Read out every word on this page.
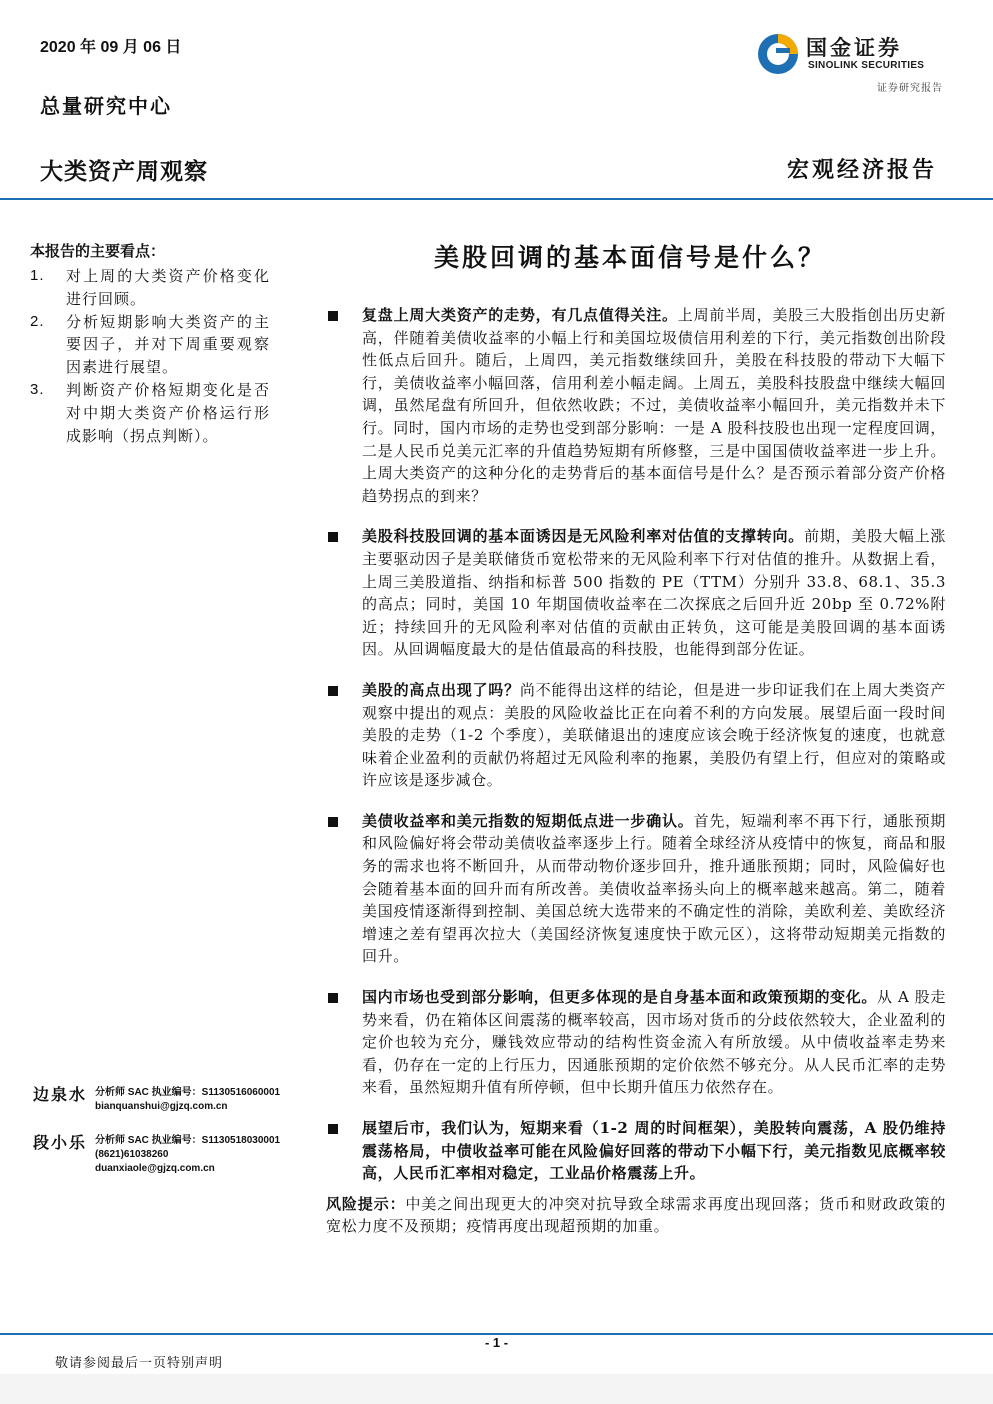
2020 年 09 月 06 日
总量研究中心
大类资产周观察	宏观经济报告
国金证券
SINOLINK SECURITIES
证券研究报告
本报告的主要看点：
1. 对上周的大类资产价格变化进行回顾。
2. 分析短期影响大类资产的主要因子，并对下周重要观察因素进行展望。
3. 判断资产价格短期变化是否对中期大类资产价格运行形成影响（拐点判断）。
美股回调的基本面信号是什么？
复盘上周大类资产的走势，有几点值得关注。上周前半周，美股三大股指创出历史新高，伴随着美债收益率的小幅上行和美国垃圾债信用利差的下行，美元指数创出阶段性低点后回升。随后，上周四，美元指数继续回升，美股在科技股的带动下大幅下行，美债收益率小幅回落，信用利差小幅走阔。上周五，美股科技股盘中继续大幅回调，虽然尾盘有所回升，但依然收跌；不过，美债收益率小幅回升，美元指数并未下行。同时，国内市场的走势也受到部分影响：一是 A 股科技股也出现一定程度回调，二是人民币兑美元汇率的升值趋势短期有所修整，三是中国国债收益率进一步上升。上周大类资产的这种分化的走势背后的基本面信号是什么？是否预示着部分资产价格趋势拐点的到来？
美股科技股回调的基本面诱因是无风险利率对估值的支撑转向。前期，美股大幅上涨主要驱动因子是美联储货币宽松带来的无风险利率下行对估值的推升。从数据上看，上周三美股道指、纳指和标普 500 指数的 PE（TTM）分别升 33.8、68.1、35.3 的高点；同时，美国 10 年期国债收益率在二次探底之后回升近 20bp 至 0.72%附近；持续回升的无风险利率对估值的贡献由正转负，这可能是美股回调的基本面诱因。从回调幅度最大的是估值最高的科技股，也能得到部分佐证。
美股的高点出现了吗？尚不能得出这样的结论，但是进一步印证我们在上周大类资产观察中提出的观点：美股的风险收益比正在向着不利的方向发展。展望后面一段时间美股的走势（1-2 个季度），美联储退出的速度应该会晚于经济恢复的速度，也就意味着企业盈利的贡献仍将超过无风险利率的拖累，美股仍有望上行，但应对的策略或许应该是逐步减仓。
美债收益率和美元指数的短期低点进一步确认。首先，短端利率不再下行，通胀预期和风险偏好将会带动美债收益率逐步上行。随着全球经济从疫情中的恢复，商品和服务的需求也将不断回升，从而带动物价逐步回升，推升通胀预期；同时，风险偏好也会随着基本面的回升而有所改善。美债收益率扬头向上的概率越来越高。第二，随着美国疫情逐渐得到控制、美国总统大选带来的不确定性的消除，美欧利差、美欧经济增速之差有望再次拉大（美国经济恢复速度快于欧元区），这将带动短期美元指数的回升。
国内市场也受到部分影响，但更多体现的是自身基本面和政策预期的变化。从 A 股走势来看，仍在箱体区间震荡的概率较高，因市场对货币的分歧依然较大，企业盈利的定价也较为充分，赚钱效应带动的结构性资金流入有所放缓。从中债收益率走势来看，仍存在一定的上行压力，因通胀预期的定价依然不够充分。从人民币汇率的走势来看，虽然短期升值有所停顿，但中长期升值压力依然存在。
展望后市，我们认为，短期来看（1-2 周的时间框架），美股转向震荡，A 股仍维持震荡格局，中债收益率可能在风险偏好回落的带动下小幅下行，美元指数见底概率较高，人民币汇率相对稳定，工业品价格震荡上升。
风险提示：中美之间出现更大的冲突对抗导致全球需求再度出现回落；货币和财政政策的宽松力度不及预期；疫情再度出现超预期的加重。
边泉水 分析师 SAC 执业编号：S1130516060001
bianquanshui@gjzq.com.cn
段小乐 分析师 SAC 执业编号：S1130518030001
(8621)61038260
duanxiaole@gjzq.com.cn
- 1 -
敬请参阅最后一页特别声明
